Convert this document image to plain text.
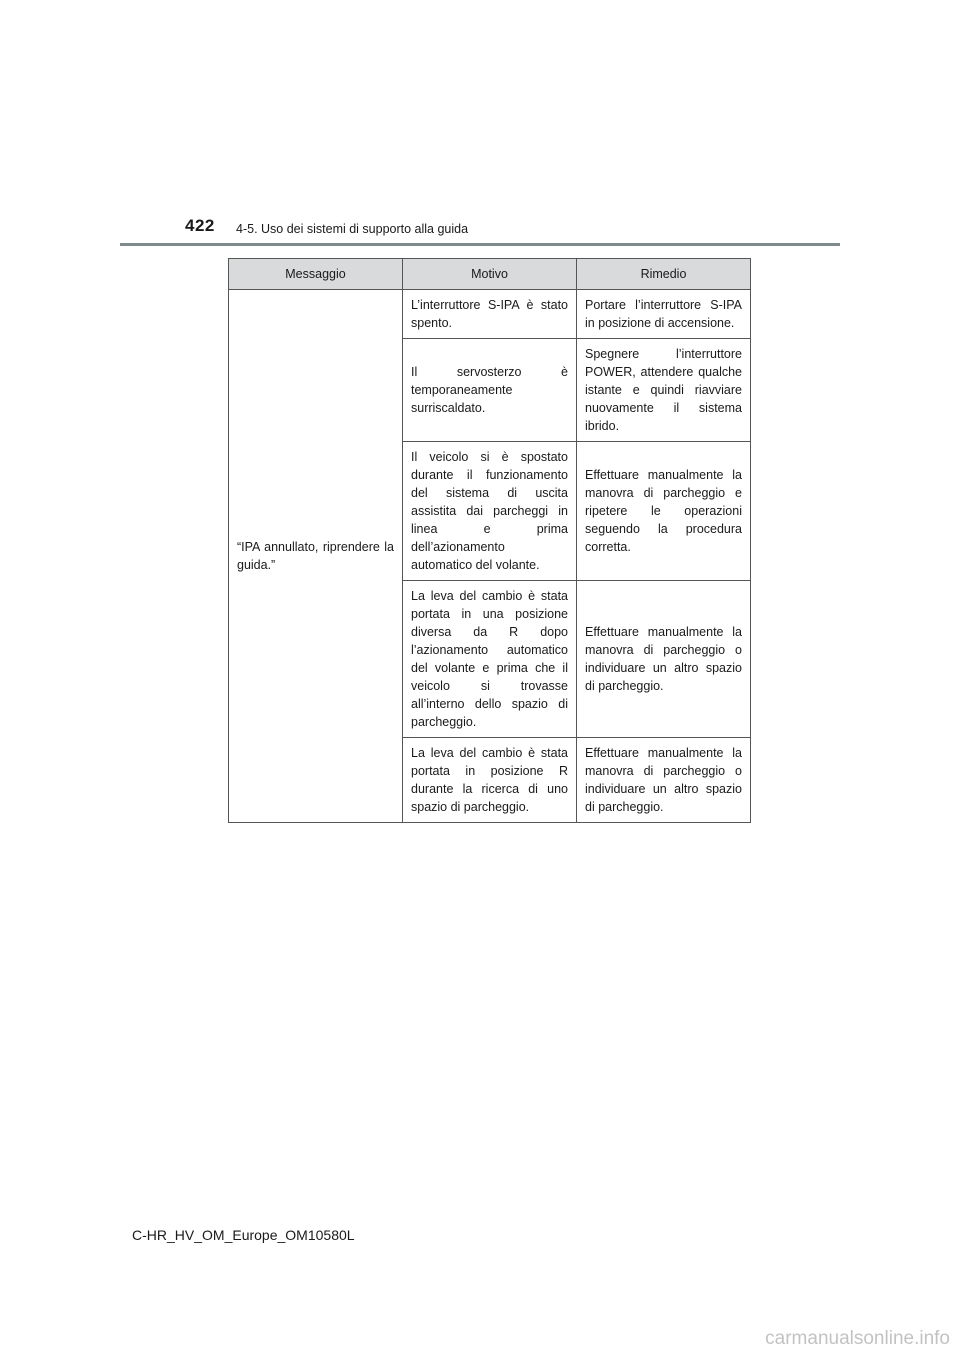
422 4-5. Uso dei sistemi di supporto alla guida
Messaggio	Motivo	Rimedio
“IPA annullato, riprendere la guida.”	L’interruttore S-IPA è stato spento.	Portare l’interruttore S-IPA in posizione di accensione.
	Il servosterzo è temporaneamente surriscaldato.	Spegnere l’interruttore POWER, attendere qualche istante e quindi riavviare nuovamente il sistema ibrido.
	Il veicolo si è spostato durante il funzionamento del sistema di uscita assistita dai parcheggi in linea e prima dell’azionamento automatico del volante.	Effettuare manualmente la manovra di parcheggio e ripetere le operazioni seguendo la procedura corretta.
	La leva del cambio è stata portata in una posizione diversa da R dopo l’azionamento automatico del volante e prima che il veicolo si trovasse all’interno dello spazio di parcheggio.	Effettuare manualmente la manovra di parcheggio o individuare un altro spazio di parcheggio.
	La leva del cambio è stata portata in posizione R durante la ricerca di uno spazio di parcheggio.	Effettuare manualmente la manovra di parcheggio o individuare un altro spazio di parcheggio.
C-HR_HV_OM_Europe_OM10580L
carmanualsonline.info
